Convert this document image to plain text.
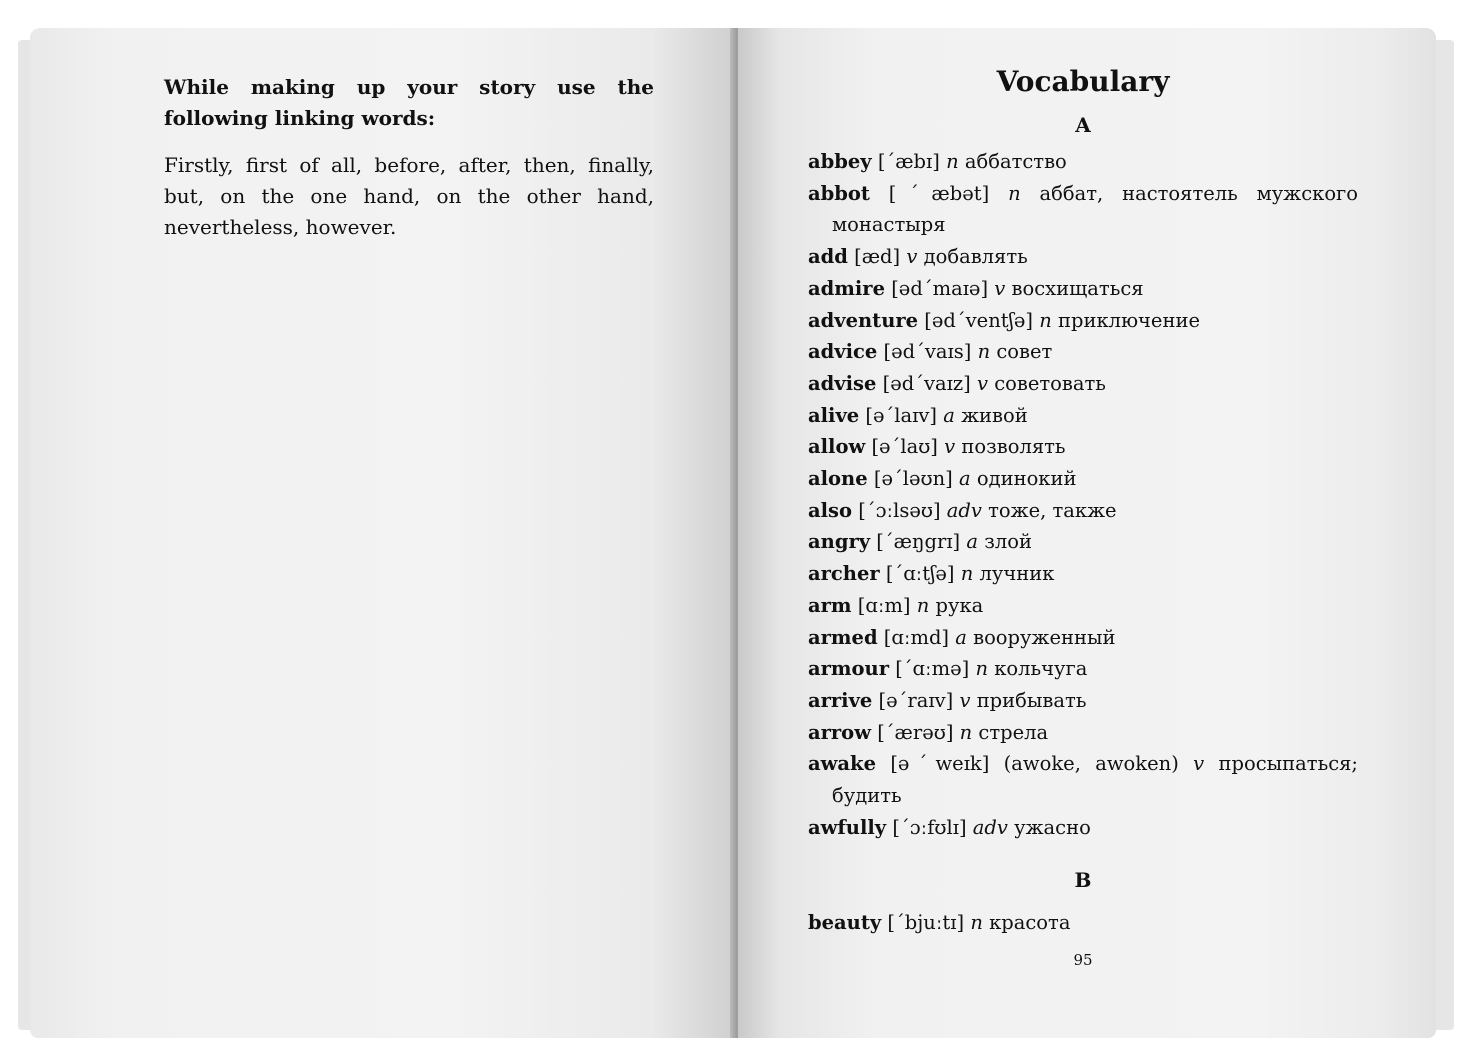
While making up your story use the following linking words:

Firstly, first of all, before, after, then, finally, but, on the one hand, on the other hand, nevertheless, however.

Vocabulary
A
abbey [ˊæbɪ] n аббатство
abbot [ˊæbət] n аббат, настоятель мужского монастыря
add [æd] v добавлять
admire [ədˊmaɪə] v восхищаться
adventure [ədˊventʃə] n приключение
advice [ədˊvaɪs] n совет
advise [ədˊvaɪz] v советовать
alive [əˊlaɪv] a живой
allow [əˊlaʊ] v позволять
alone [əˊləʊn] a одинокий
also [ˊɔːlsəʊ] adv тоже, также
angry [ˊæŋgrɪ] a злой
archer [ˊɑːtʃə] n лучник
arm [ɑːm] n рука
armed [ɑːmd] a вооруженный
armour [ˊɑːmə] n кольчуга
arrive [əˊraɪv] v прибывать
arrow [ˊærəʊ] n стрела
awake [əˊweɪk] (awoke, awoken) v просыпаться; будить
awfully [ˊɔːfʊlɪ] adv ужасно
B
beauty [ˊbjuːtɪ] n красота
95
